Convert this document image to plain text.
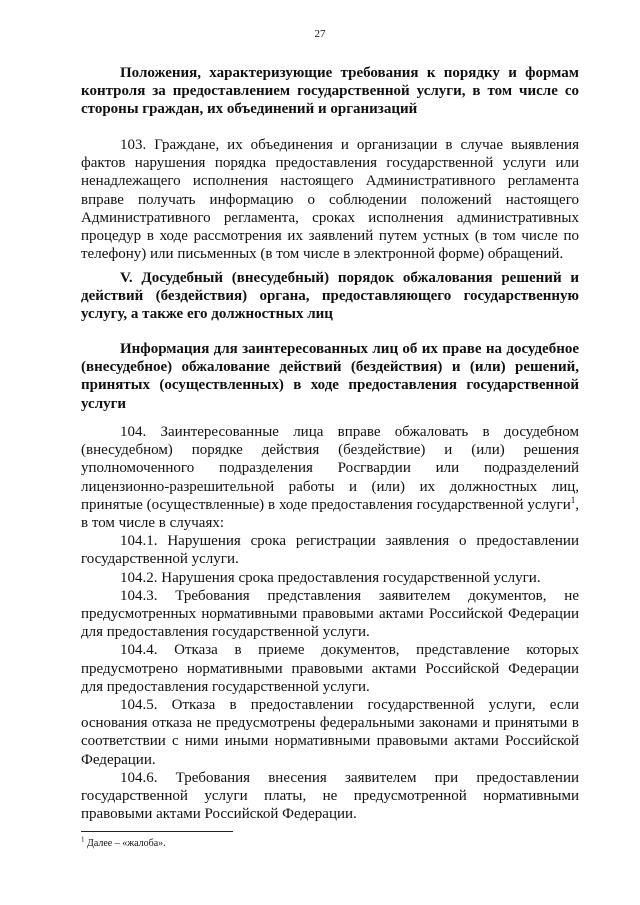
27
Положения, характеризующие требования к порядку и формам контроля за предоставлением государственной услуги, в том числе со стороны граждан, их объединений и организаций

103. Граждане, их объединения и организации в случае выявления фактов нарушения порядка предоставления государственной услуги или ненадлежащего исполнения настоящего Административного регламента вправе получать информацию о соблюдении положений настоящего Административного регламента, сроках исполнения административных процедур в ходе рассмотрения их заявлений путем устных (в том числе по телефону) или письменных (в том числе в электронной форме) обращений.

V. Досудебный (внесудебный) порядок обжалования решений и действий (бездействия) органа, предоставляющего государственную услугу, а также его должностных лиц
Информация для заинтересованных лиц об их праве на досудебное (внесудебное) обжалование действий (бездействия) и (или) решений, принятых (осуществленных) в ходе предоставления государственной услуги

104. Заинтересованные лица вправе обжаловать в досудебном (внесудебном) порядке действия (бездействие) и (или) решения уполномоченного подразделения Росгвардии или подразделений лицензионно-разрешительной работы и (или) их должностных лиц, принятые (осуществленные) в ходе предоставления государственной услуги$^1$, в том числе в случаях:

104.1. Нарушения срока регистрации заявления о предоставлении государственной услуги.

104.2. Нарушения срока предоставления государственной услуги.

104.3. Требования представления заявителем документов, не предусмотренных нормативными правовыми актами Российской Федерации для предоставления государственной услуги.

104.4. Отказа в приеме документов, представление которых предусмотрено нормативными правовыми актами Российской Федерации для предоставления государственной услуги.

104.5. Отказа в предоставлении государственной услуги, если основания отказа не предусмотрены федеральными законами и принятыми в соответствии с ними иными нормативными правовыми актами Российской Федерации.

104.6. Требования внесения заявителем при предоставлении государственной услуги платы, не предусмотренной нормативными правовыми актами Российской Федерации.

$^1$ Далее – «жалоба».
